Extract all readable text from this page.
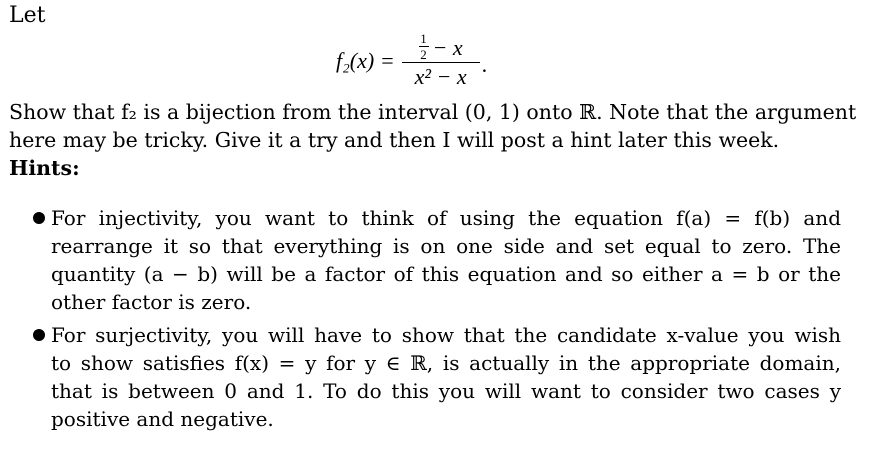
Let
$f_2(x) = \frac{\frac{1}{2} - x}{\text{x² − x}}$ .
Show that f₂ is a bijection from the interval (0, 1) onto ℝ. Note that the argument
here may be tricky. Give it a try and then I will post a hint later this week.
Hints:
For injectivity, you want to think of using the equation f(a) = f(b) and
rearrange it so that everything is on one side and set equal to zero. The
quantity (a − b) will be a factor of this equation and so either a = b or the
other factor is zero.
For surjectivity, you will have to show that the candidate x-value you wish
to show satisfies f(x) = y for y ∈ ℝ, is actually in the appropriate domain,
that is between 0 and 1. To do this you will want to consider two cases y
positive and negative.
